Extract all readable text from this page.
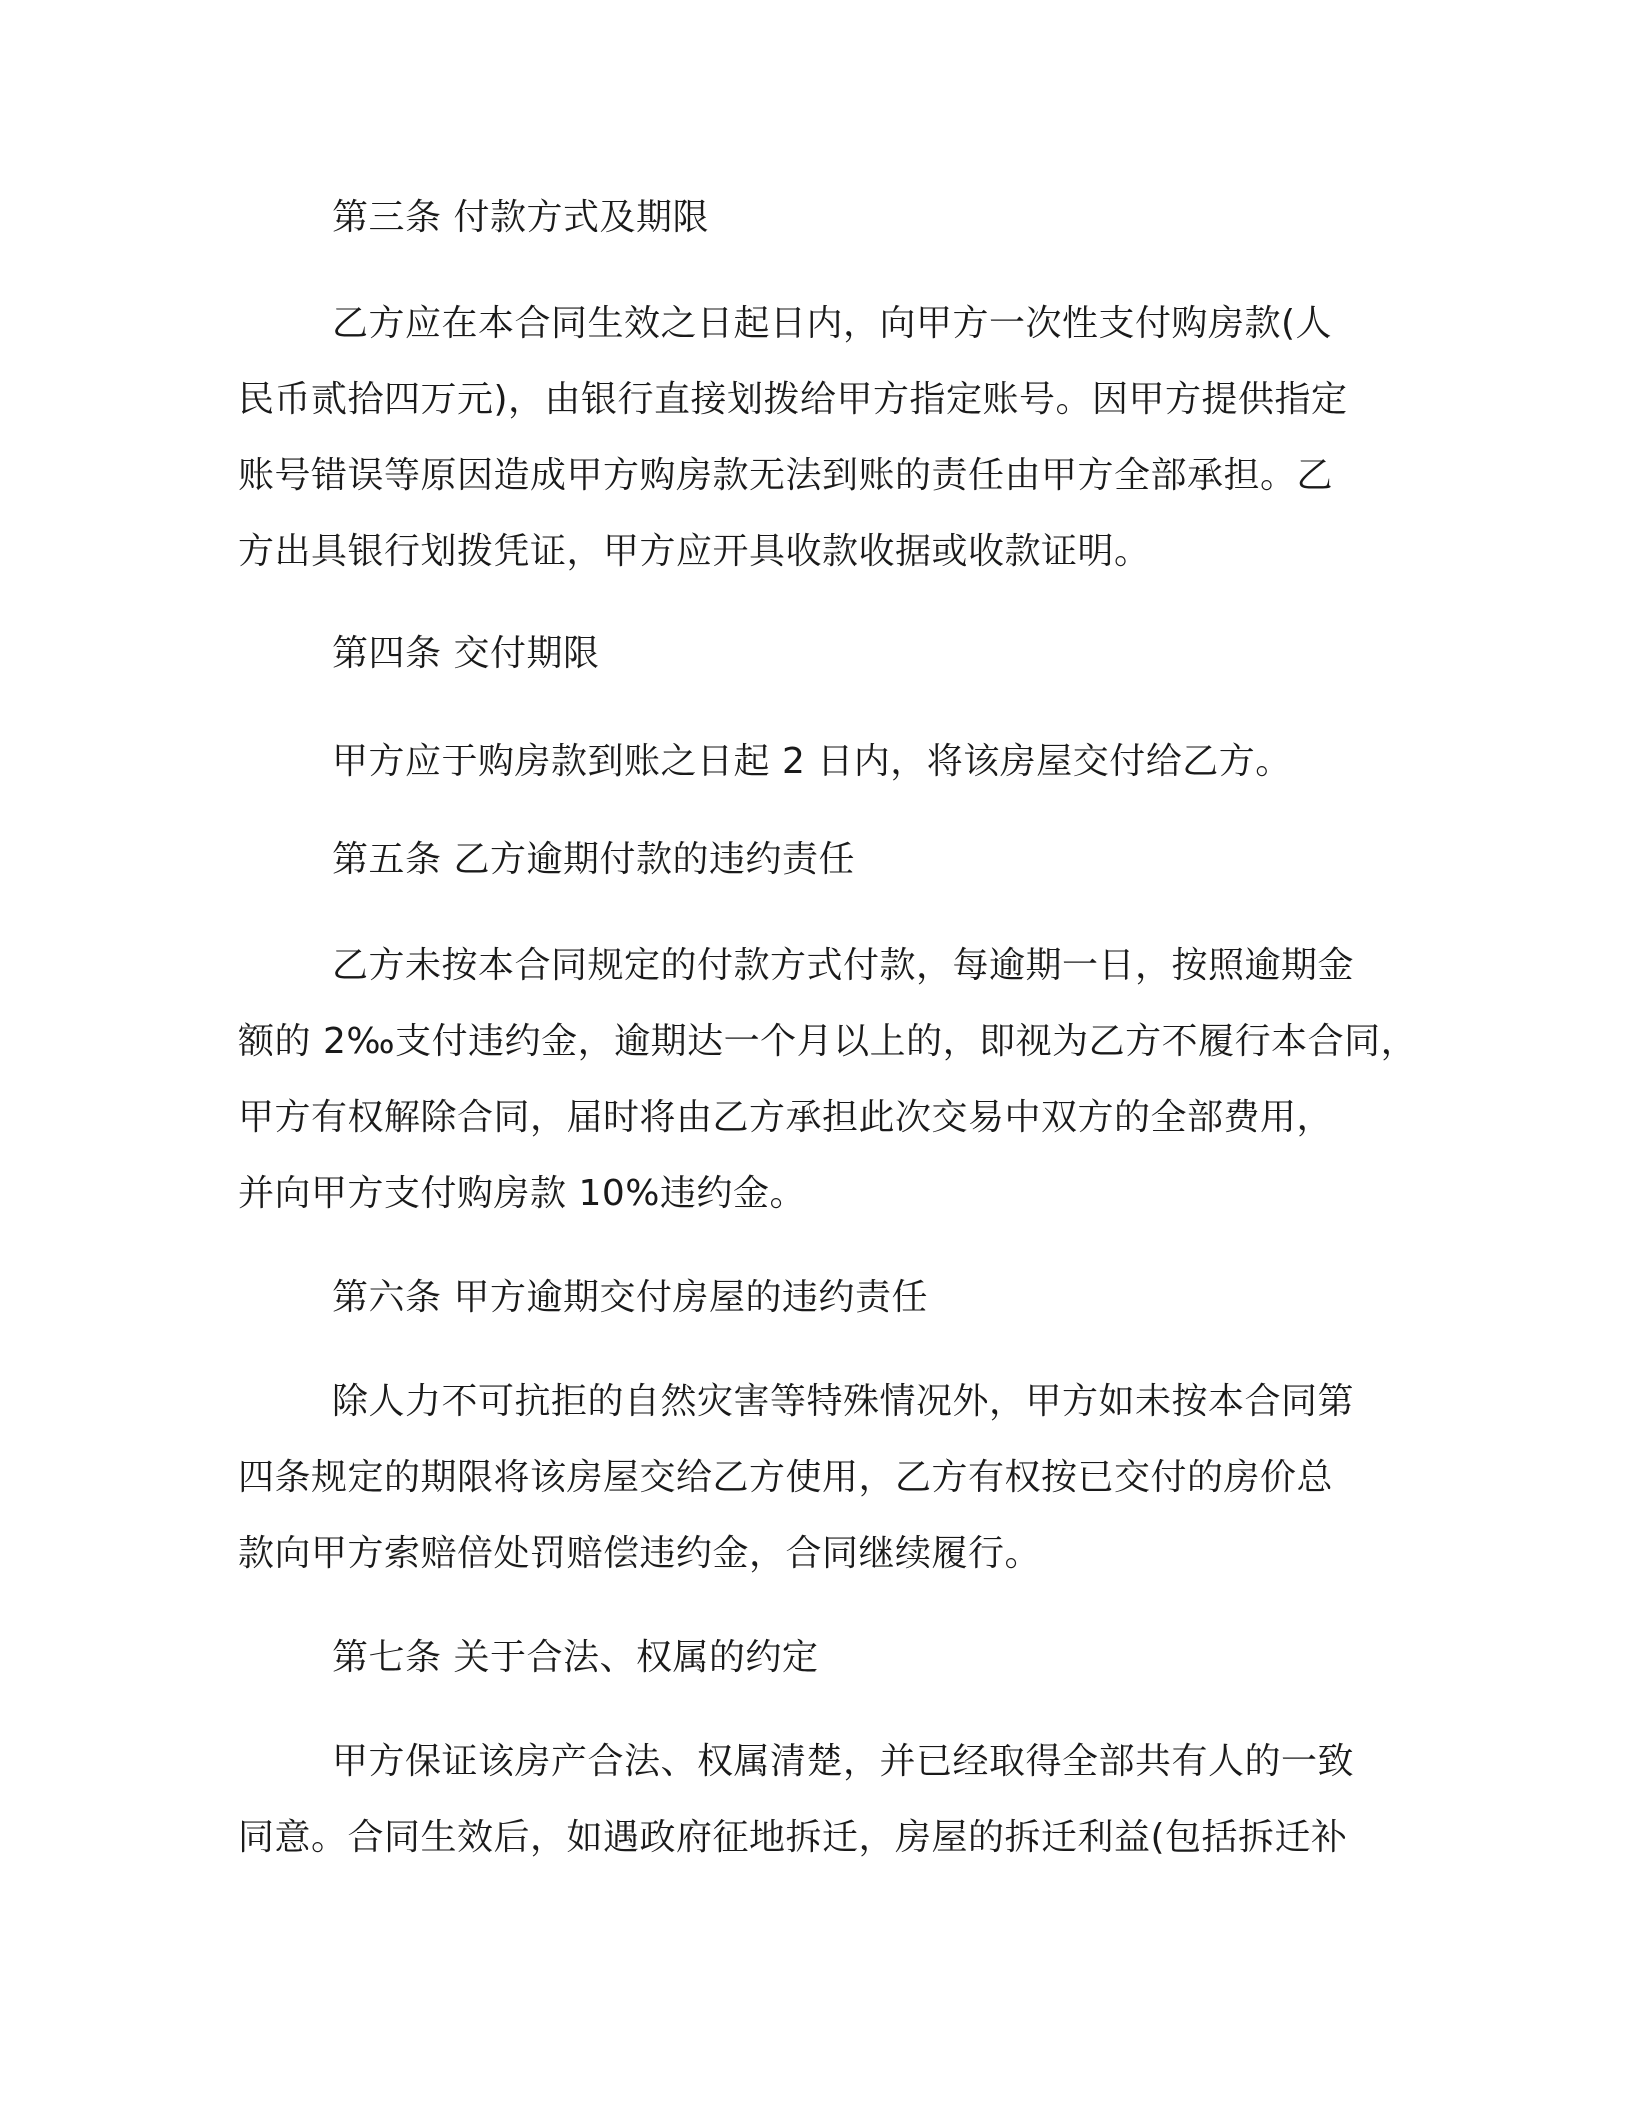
第三条 付款方式及期限
乙方应在本合同生效之日起日内，向甲方一次性支付购房款(人
民币贰拾四万元)，由银行直接划拨给甲方指定账号。因甲方提供指定
账号错误等原因造成甲方购房款无法到账的责任由甲方全部承担。乙
方出具银行划拨凭证，甲方应开具收款收据或收款证明。
第四条 交付期限
甲方应于购房款到账之日起 2 日内，将该房屋交付给乙方。
第五条 乙方逾期付款的违约责任
乙方未按本合同规定的付款方式付款，每逾期一日，按照逾期金
额的 2‰支付违约金，逾期达一个月以上的，即视为乙方不履行本合同，
甲方有权解除合同，届时将由乙方承担此次交易中双方的全部费用，
并向甲方支付购房款 10%违约金。
第六条 甲方逾期交付房屋的违约责任
除人力不可抗拒的自然灾害等特殊情况外，甲方如未按本合同第
四条规定的期限将该房屋交给乙方使用，乙方有权按已交付的房价总
款向甲方索赔倍处罚赔偿违约金，合同继续履行。
第七条 关于合法、权属的约定
甲方保证该房产合法、权属清楚，并已经取得全部共有人的一致
同意。合同生效后，如遇政府征地拆迁，房屋的拆迁利益(包括拆迁补
